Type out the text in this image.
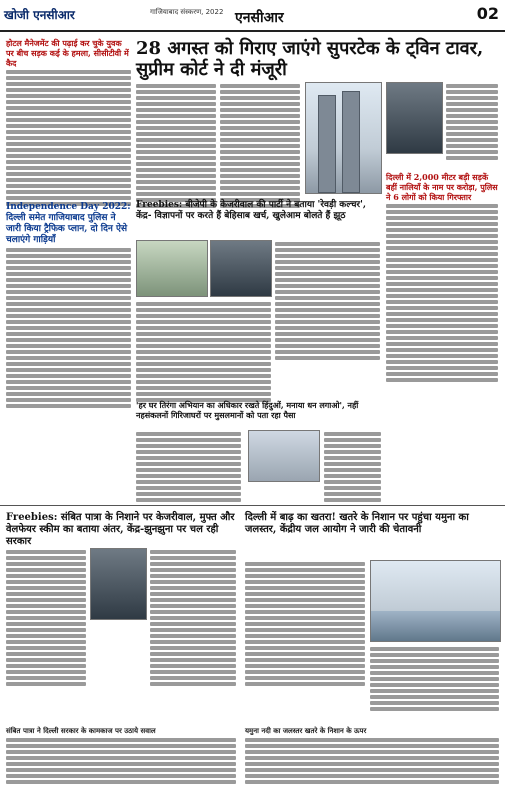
खोजी एनसीआर	गाजियाबाद संस्करण, 2022 एनसीआर	02
होटल मैनेजमेंट की पढ़ाई कर चुके युवक पर बीच सड़क कई के हमला, सीसीटीवी में कैद
28 अगस्त को गिराए जाएंगे सुपरटेक के ट्विन टावर, सुप्रीम कोर्ट ने दी मंजूरी
Independence Day 2022: दिल्ली समेत गाजियाबाद पुलिस ने जारी किया ट्रैफिक प्लान, दो दिन ऐसे चलाएंगे गाड़ियाँ
दिल्ली में 2,000 मीटर बड़ी सड़कें बहीं नालियाँ के नाम पर करोड़ा, पुलिस ने 6 लोगों को किया गिरफ्तार
Freebies: बीजेपी के केजरीवाल की पार्टी ने बताया 'रेवड़ी कल्चर', केंद्र- विज्ञापनों पर करते हैं बेहिसाब खर्च, खुलेआम बोलते हैं झूठ
'हर घर तिरंगा अभियान का अधिकार रखते हिंदुओं, मनाया धन लगाओ', नहीं नहसंकलनों गिरिजाघरों पर मुसलमानों को पता रहा पैसा
Freebies: संबित पात्रा के निशाने पर केजरीवाल, मुफ्त और वेलफेयर स्कीम का बताया अंतर, केंद्र-झुनझुना पर चल रही सरकार
संबित पात्रा ने दिल्ली सरकार के कामकाज पर उठाये सवाल
दिल्ली में बाढ़ का खतरा! खतरे के निशान पर पहुंचा यमुना का जलस्तर, केंद्रीय जल आयोग ने जारी की चेतावनी
यमुना नदी का जलस्तर खतरे के निशान के ऊपर
